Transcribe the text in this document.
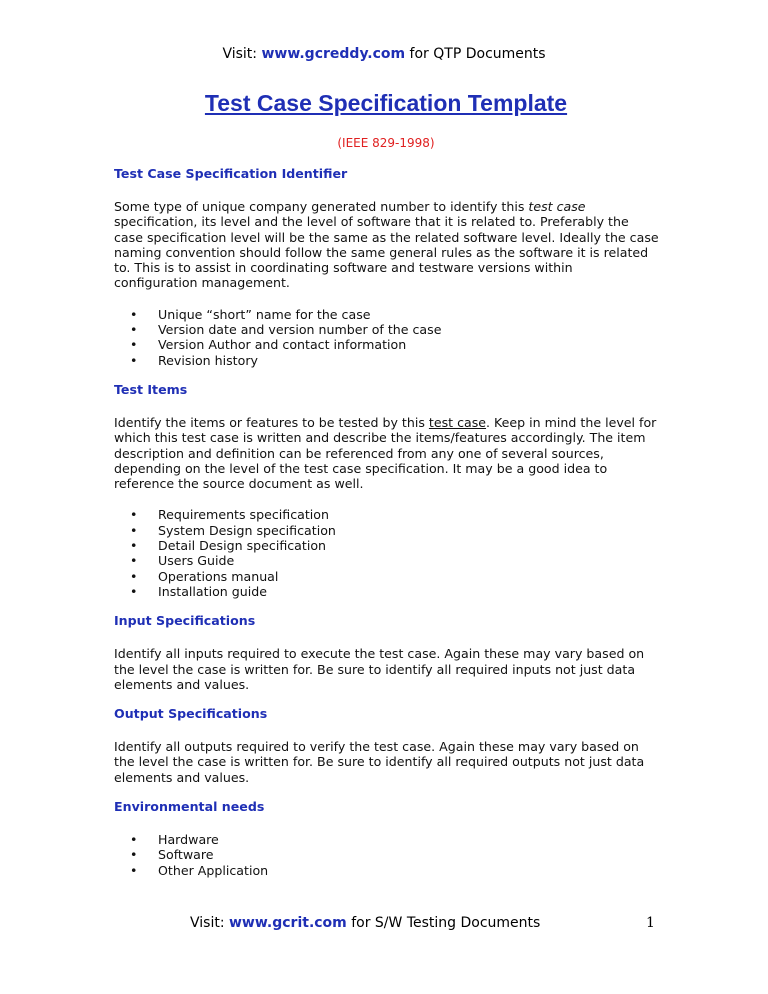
Visit: www.gcreddy.com for QTP Documents
Test Case Specification Template
(IEEE 829-1998)
Test Case Specification Identifier

Some type of unique company generated number to identify this test case specification, its level and the level of software that it is related to. Preferably the case specification level will be the same as the related software level. Ideally the case naming convention should follow the same general rules as the software it is related to. This is to assist in coordinating software and testware versions within configuration management.

• Unique “short” name for the case
• Version date and version number of the case
• Version Author and contact information
• Revision history
Test Items

Identify the items or features to be tested by this test case. Keep in mind the level for which this test case is written and describe the items/features accordingly. The item description and definition can be referenced from any one of several sources, depending on the level of the test case specification. It may be a good idea to reference the source document as well.

• Requirements specification
• System Design specification
• Detail Design specification
• Users Guide
• Operations manual
• Installation guide
Input Specifications

Identify all inputs required to execute the test case. Again these may vary based on the level the case is written for. Be sure to identify all required inputs not just data elements and values.

Output Specifications

Identify all outputs required to verify the test case. Again these may vary based on the level the case is written for. Be sure to identify all required outputs not just data elements and values.

Environmental needs
• Hardware
• Software
• Other Application
Visit: www.gcrit.com for S/W Testing Documents	1
